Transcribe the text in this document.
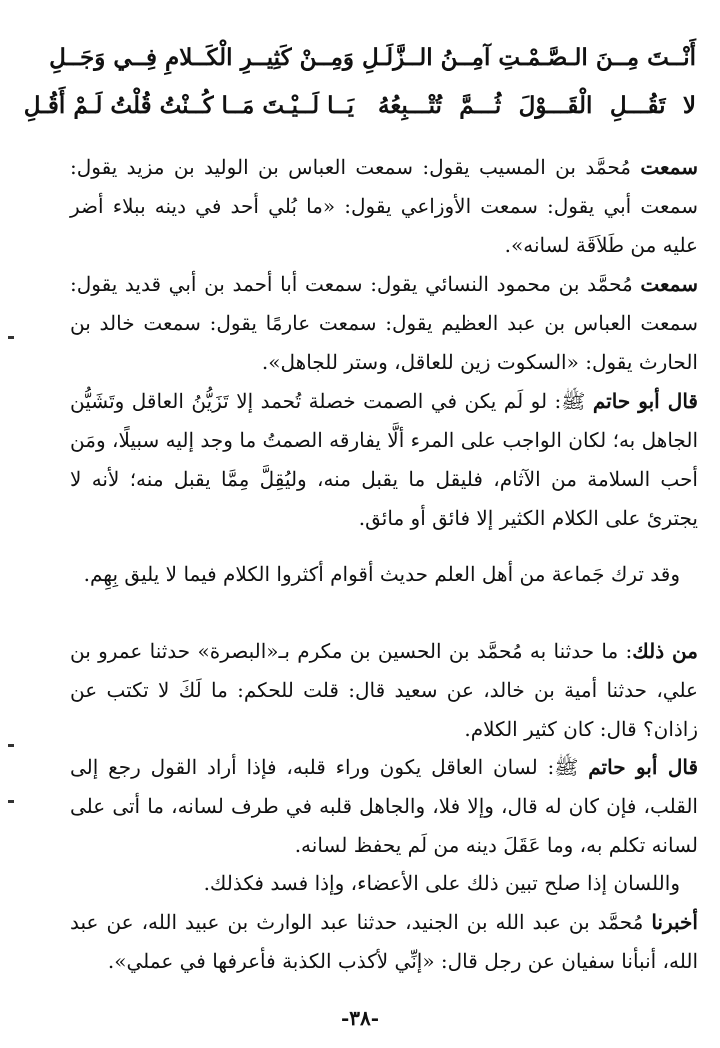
أَنْــتَ مِــنَ الـصَّـمْـتِ آمِــنُ الــزَّلَـلِ
وَمِــنْ كَثِيــرِ الْكَــلامِ فِــي وَجَــلِ
لا تَقُـــلِ الْقَـــوْلَ ثُـــمَّ تُتْـــبِعُهُ
يَــا لَــيْـتَ مَــا كُــنْتُ قُلْتُ لَـمْ أَقُـلِ

سمعت مُحمَّد بن المسيب يقول: سمعت العباس بن الوليد بن مزيد يقول: سمعت أبي يقول: سمعت الأوزاعي يقول: «ما بُلي أحد في دينه ببلاء أضر عليه من طَلاَقَة لسانه».

سمعت مُحمَّد بن محمود النسائي يقول: سمعت أبا أحمد بن أبي قديد يقول: سمعت العباس بن عبد العظيم يقول: سمعت عارمًا يقول: سمعت خالد بن الحارث يقول: «السكوت زين للعاقل، وستر للجاهل».

قال أبو حاتم ﷺ: لو لَم يكن في الصمت خصلة تُحمد إلا تَزَيُّنُ العاقل وتَشَيُّن الجاهل به؛ لكان الواجب على المرء ألَّا يفارقه الصمتُ ما وجد إليه سبيلًا، ومَن أحب السلامة من الآثام، فليقل ما يقبل منه، وليُقِلَّ مِمَّا يقبل منه؛ لأنه لا يجترئ على الكلام الكثير إلا فائق أو مائق.

وقد ترك جَماعة من أهل العلم حديث أقوام أكثروا الكلام فيما لا يليق بِهِم.

من ذلك: ما حدثنا به مُحمَّد بن الحسين بن مكرم بـ«البصرة» حدثنا عمرو بن علي، حدثنا أمية بن خالد، عن سعيد قال: قلت للحكم: ما لَكَ لا تكتب عن زاذان؟ قال: كان كثير الكلام.

قال أبو حاتم ﷺ: لسان العاقل يكون وراء قلبه، فإذا أراد القول رجع إلى القلب، فإن كان له قال، وإلا فلا، والجاهل قلبه في طرف لسانه، ما أتى على لسانه تكلم به، وما عَقَلَ دينه من لَم يحفظ لسانه.

واللسان إذا صلح تبين ذلك على الأعضاء، وإذا فسد فكذلك.

أخبرنا مُحمَّد بن عبد الله بن الجنيد، حدثنا عبد الوارث بن عبيد الله، عن عبد الله، أنبأنا سفيان عن رجل قال: «إنِّي لأكذب الكذبة فأعرفها في عملي».

-٣٨-
